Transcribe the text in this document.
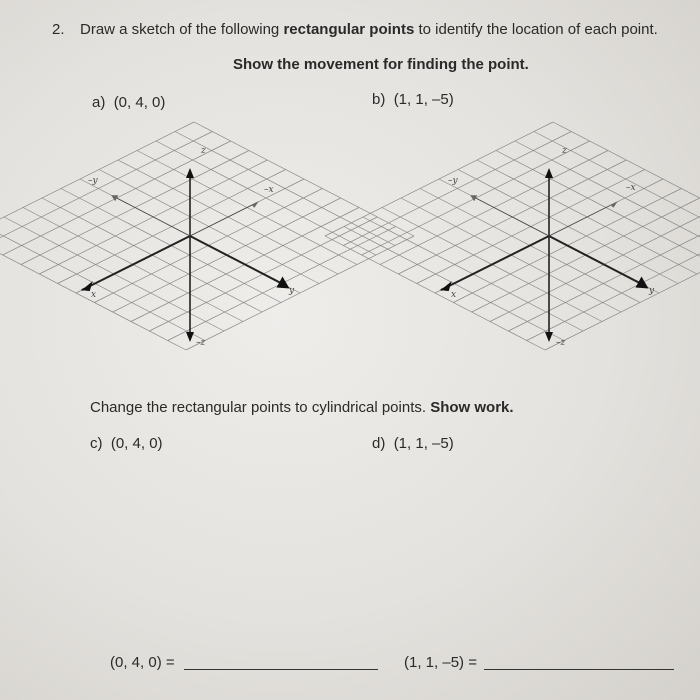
2. Draw a sketch of the following rectangular points to identify the location of each point.
Show the movement for finding the point.
a) (0, 4, 0)	b) (1, 1, –5)
z
–z
–y
–x
x	y
z
–z
–y
–x
x	y
Change the rectangular points to cylindrical points. Show work.
c) (0, 4, 0)	d) (1, 1, –5)
(0, 4, 0) =	(1, 1, –5) =
